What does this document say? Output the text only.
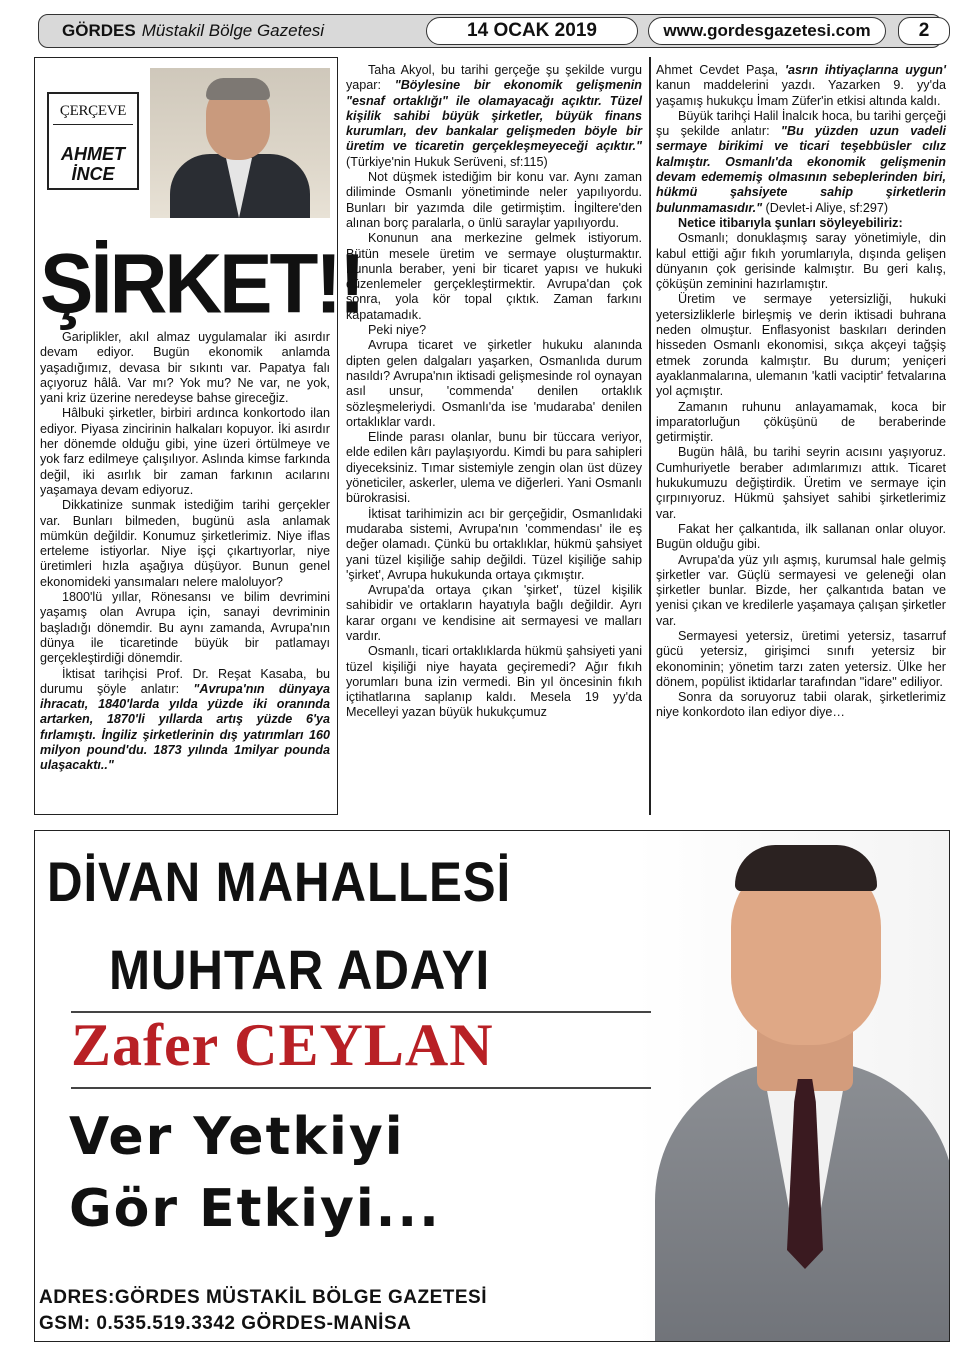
GÖRDES Müstakil Bölge Gazetesi	14 OCAK 2019	www.gordesgazetesi.com	2
ÇERÇEVE
AHMET
İNCE
ŞİRKET!!

Gariplikler, akıl almaz uygulamalar iki asırdır devam ediyor. Bugün ekonomik anlamda yaşadığımız, devasa bir sıkıntı var. Papatya falı açıyoruz hâlâ. Var mı? Yok mu? Ne var, ne yok, yani kriz üzerine neredeyse bahse gireceğiz.

Hâlbuki şirketler, birbiri ardınca konkortodo ilan ediyor. Piyasa zincirinin halkaları kopuyor. İki asırdır her dönemde olduğu gibi, yine üzeri örtülmeye ve yok farz edilmeye çalışılıyor. Aslında kimse farkında değil, iki asırlık bir zaman farkının acılarını yaşamaya devam ediyoruz.

Dikkatinize sunmak istediğim tarihi gerçekler var. Bunları bilmeden, bugünü asla anlamak mümkün değildir. Konumuz şirketlerimiz. Niye iflas erteleme istiyorlar. Niye işçi çıkartıyorlar, niye üretimleri hızla aşağıya düşüyor. Bunun genel ekonomideki yansımaları nelere maloluyor?

1800'lü yıllar, Rönesansı ve bilim devrimini yaşamış olan Avrupa için, sanayi devriminin başladığı dönemdir. Bu aynı zamanda, Avrupa'nın dünya ile ticaretinde büyük bir patlamayı gerçekleştirdiği dönemdir.

İktisat tarihçisi Prof. Dr. Reşat Kasaba, bu durumu şöyle anlatır: "Avrupa'nın dünyaya ihracatı, 1840'larda yılda yüzde iki oranında artarken, 1870'li yıllarda artış yüzde 6'ya fırlamıştı. İngiliz şirketlerinin dış yatırımları 160 milyon pound'du. 1873 yılında 1milyar pounda ulaşacaktı.."

Taha Akyol, bu tarihi gerçeğe şu şekilde vurgu yapar: "Böylesine bir ekonomik gelişmenin "esnaf ortaklığı" ile olamayacağı açıktır. Tüzel kişilik sahibi büyük şirketler, büyük finans kurumları, dev bankalar gelişmeden böyle bir üretim ve ticaretin gerçekleşmeyeceği açıktır." (Türkiye'nin Hukuk Serüveni, sf:115)

Not düşmek istediğim bir konu var. Aynı zaman diliminde Osmanlı yönetiminde neler yapılıyordu. Bunları bir yazımda dile getirmiştim. İngiltere'den alınan borç paralarla, o ünlü saraylar yapılıyordu.

Konunun ana merkezine gelmek istiyorum. Bütün mesele üretim ve sermaye oluşturmaktır. Bununla beraber, yeni bir ticaret yapısı ve hukuki düzenlemeler gerçekleştirmektir. Avrupa'dan çok sonra, yola kör topal çıktık. Zaman farkını kapatamadık.

Peki niye?

Avrupa ticaret ve şirketler hukuku alanında dipten gelen dalgaları yaşarken, Osmanlıda durum nasıldı? Avrupa'nın iktisadi gelişmesinde rol oynayan asıl unsur, 'commenda' denilen ortaklık sözleşmeleriydi. Osmanlı'da ise 'mudaraba' denilen ortaklıklar vardı.

Elinde parası olanlar, bunu bir tüccara veriyor, elde edilen kârı paylaşıyordu. Kimdi bu para sahipleri diyeceksiniz. Tımar sistemiyle zengin olan üst düzey yöneticiler, askerler, ulema ve diğerleri. Yani Osmanlı bürokrasisi.

İktisat tarihimizin acı bir gerçeğidir, Osmanlıdaki mudaraba sistemi, Avrupa'nın 'commendası' ile eş değer olamadı. Çünkü bu ortaklıklar, hükmü şahsiyet yani tüzel kişiliğe sahip değildi. Tüzel kişiliğe sahip 'şirket', Avrupa hukukunda ortaya çıkmıştır.

Avrupa'da ortaya çıkan 'şirket', tüzel kişilik sahibidir ve ortakların hayatıyla bağlı değildir. Ayrı karar organı ve kendisine ait sermayesi ve malları vardır.

Osmanlı, ticari ortaklıklarda hükmü şahsiyeti yani tüzel kişiliği niye hayata geçiremedi? Ağır fıkıh yorumları buna izin vermedi. Bin yıl öncesinin fıkıh içtihatlarına saplanıp kaldı. Mesela 19 yy'da Mecelleyi yazan büyük hukukçumuz

Ahmet Cevdet Paşa, 'asrın ihtiyaçlarına uygun' kanun maddelerini yazdı. Yazarken 9. yy'da yaşamış hukukçu İmam Züfer'in etkisi altında kaldı.

Büyük tarihçi Halil İnalcık hoca, bu tarihi gerçeği şu şekilde anlatır: "Bu yüzden uzun vadeli sermaye birikimi ve ticari teşebbüsler cılız kalmıştır. Osmanlı'da ekonomik gelişmenin devam edememiş olmasının sebeplerinden biri, hükmü şahsiyete sahip şirketlerin bulunmamasıdır." (Devlet-i Aliye, sf:297)

Netice itibarıyla şunları söyleyebiliriz:

Osmanlı; donuklaşmış saray yönetimiyle, din kabul ettiği ağır fıkıh yorumlarıyla, dışında gelişen dünyanın çok gerisinde kalmıştır. Bu geri kalış, çöküşün zeminini hazırlamıştır.

Üretim ve sermaye yetersizliği, hukuki yetersizliklerle birleşmiş ve derin iktisadi buhrana neden olmuştur. Enflasyonist baskıları derinden hisseden Osmanlı ekonomisi, sıkça akçeyi tağşiş etmek zorunda kalmıştır. Bu durum; yeniçeri ayaklanmalarına, ulemanın 'katli vaciptir' fetvalarına yol açmıştır.

Zamanın ruhunu anlayamamak, koca bir imparatorluğun çöküşünü de beraberinde getirmiştir.

Bugün hâlâ, bu tarihi seyrin acısını yaşıyoruz. Cumhuriyetle beraber adımlarımızı attık. Ticaret hukukumuzu değiştirdik. Üretim ve sermaye için çırpınıyoruz. Hükmü şahsiyet sahibi şirketlerimiz var.

Fakat her çalkantıda, ilk sallanan onlar oluyor. Bugün olduğu gibi.

Avrupa'da yüz yılı aşmış, kurumsal hale gelmiş şirketler var. Güçlü sermayesi ve geleneği olan şirketler bunlar. Bizde, her çalkantıda batan ve yenisi çıkan ve kredilerle yaşamaya çalışan şirketler var.

Sermayesi yetersiz, üretimi yetersiz, tasarruf gücü yetersiz, girişimci sınıfı yetersiz bir ekonominin; yönetim tarzı zaten yetersiz. Ülke her dönem, popülist iktidarlar tarafından "idare" ediliyor.

Sonra da soruyoruz tabii olarak, şirketlerimiz niye konkordoto ilan ediyor diye…

DİVAN MAHALLESİ
MUHTAR ADAYI
Zafer CEYLAN
Ver Yetkiyi
Gör Etkiyi...
ADRES:GÖRDES MÜSTAKİL BÖLGE GAZETESİ
GSM: 0.535.519.3342 GÖRDES-MANİSA
